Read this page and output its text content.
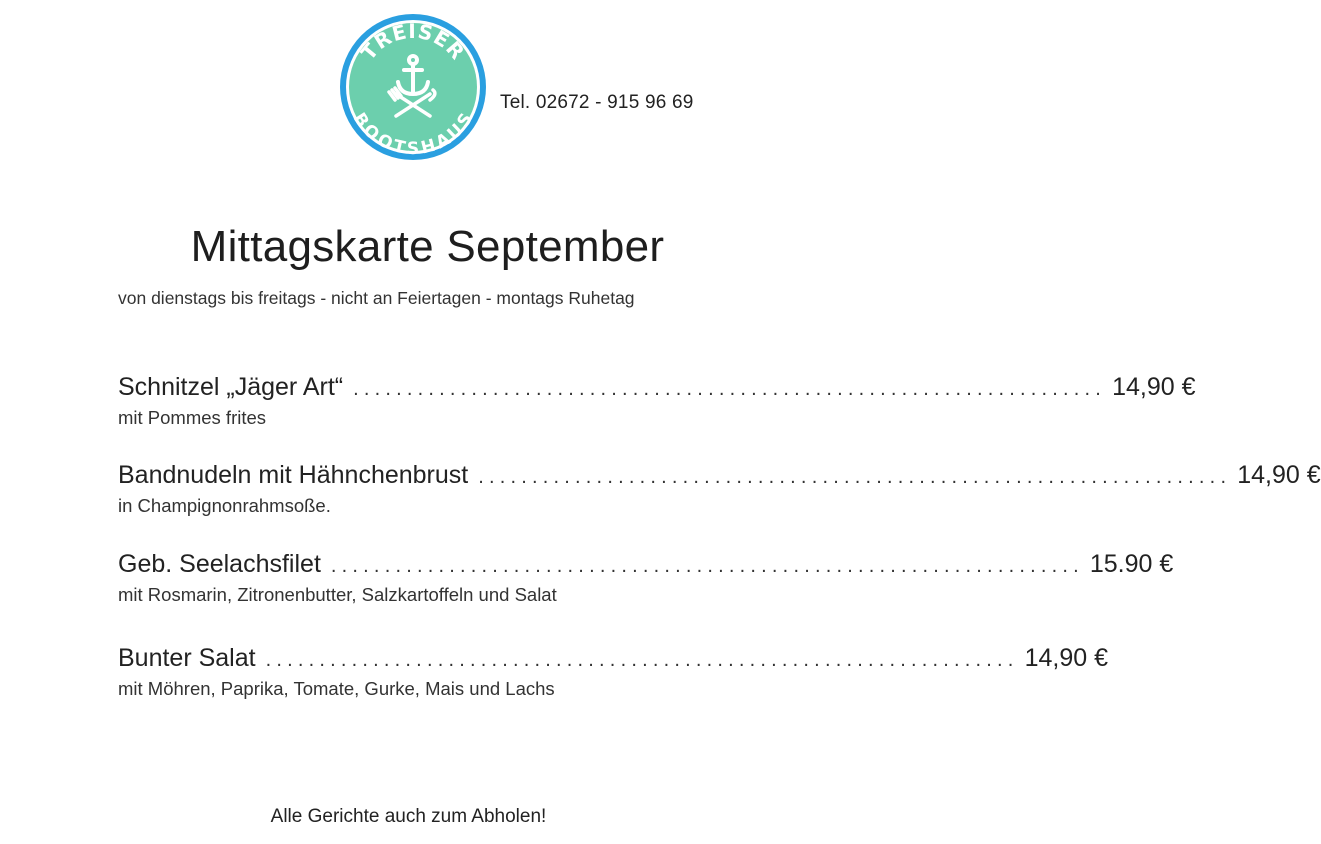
TREISER
BOOTSHAUS
Tel. 02672 - 915 96 69
Mittagskarte September
von dienstags bis freitags - nicht an Feiertagen - montags Ruhetag
Schnitzel „Jäger Art“ ...................................................................... 14,90 €
mit Pommes frites
Bandnudeln mit Hähnchenbrust ...................................................................... 14,90 €
in Champignonrahmsoße.
Geb. Seelachsfilet ...................................................................... 15.90 €
mit Rosmarin, Zitronenbutter, Salzkartoffeln und Salat
Bunter Salat ...................................................................... 14,90 €
mit Möhren, Paprika, Tomate, Gurke, Mais und Lachs
Alle Gerichte auch zum Abholen!
